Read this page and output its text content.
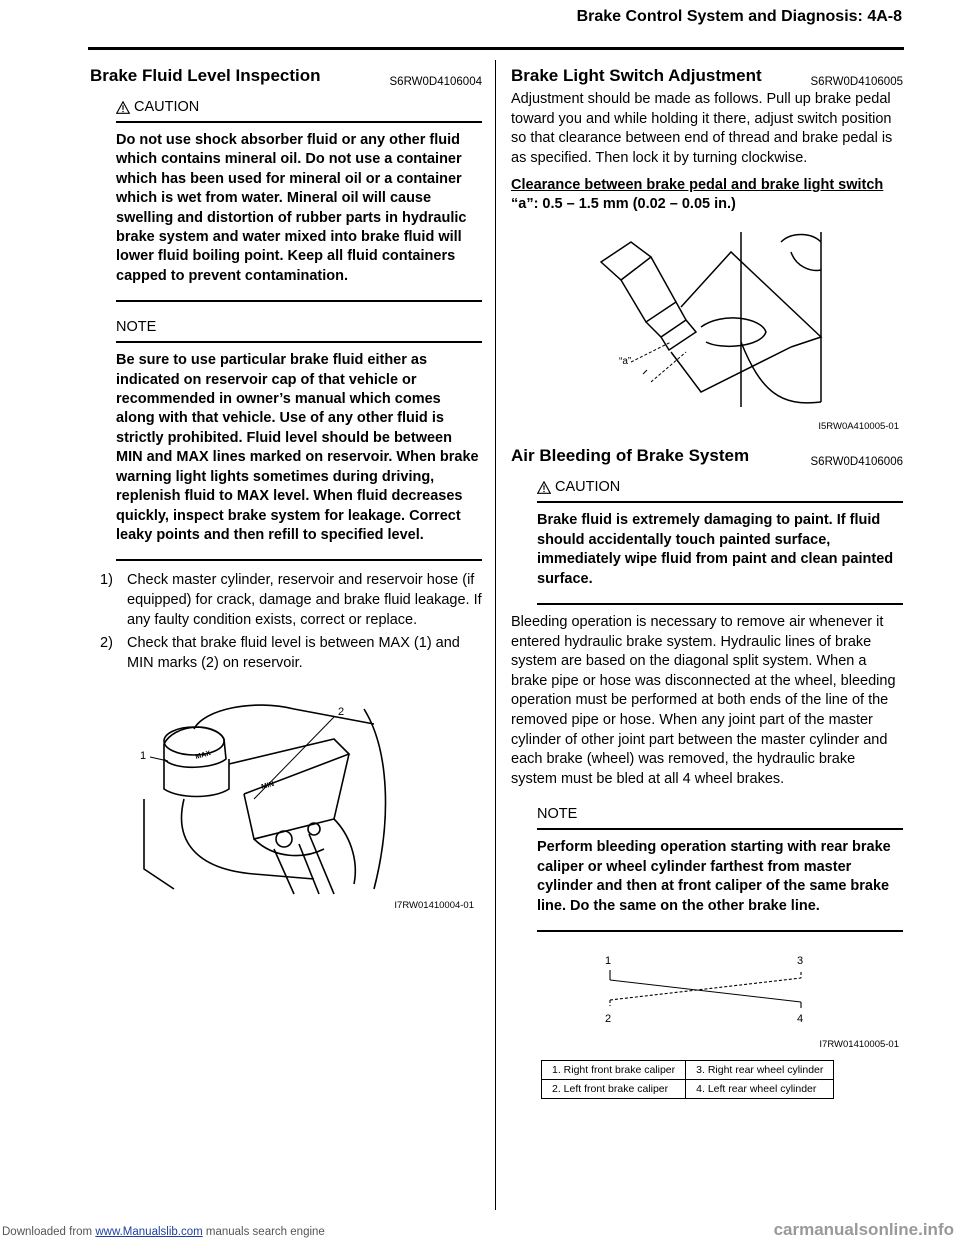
Brake Control System and Diagnosis: 4A-8
Brake Fluid Level Inspection	S6RW0D4106004
CAUTION
Do not use shock absorber fluid or any other fluid which contains mineral oil. Do not use a container which has been used for mineral oil or a container which is wet from water. Mineral oil will cause swelling and distortion of rubber parts in hydraulic brake system and water mixed into brake fluid will lower fluid boiling point. Keep all fluid containers capped to prevent contamination.
NOTE
Be sure to use particular brake fluid either as indicated on reservoir cap of that vehicle or recommended in owner’s manual which comes along with that vehicle. Use of any other fluid is strictly prohibited. Fluid level should be between MIN and MAX lines marked on reservoir. When brake warning light lights sometimes during driving, replenish fluid to MAX level. When fluid decreases quickly, inspect brake system for leakage. Correct leaky points and then refill to specified level.
1) Check master cylinder, reservoir and reservoir hose (if equipped) for crack, damage and brake fluid leakage. If any faulty condition exists, correct or replace.
2) Check that brake fluid level is between MAX (1) and MIN marks (2) on reservoir.
MAX
MIN
1
2
I7RW01410004-01
Brake Light Switch Adjustment	S6RW0D4106005

Adjustment should be made as follows. Pull up brake pedal toward you and while holding it there, adjust switch position so that clearance between end of thread and brake pedal is as specified. Then lock it by turning clockwise.

Clearance between brake pedal and brake light switch
“a”: 0.5 – 1.5 mm (0.02 – 0.05 in.)
“a”
I5RW0A410005-01
Air Bleeding of Brake System	S6RW0D4106006
CAUTION
Brake fluid is extremely damaging to paint. If fluid should accidentally touch painted surface, immediately wipe fluid from paint and clean painted surface.

Bleeding operation is necessary to remove air whenever it entered hydraulic brake system. Hydraulic lines of brake system are based on the diagonal split system. When a brake pipe or hose was disconnected at the wheel, bleeding operation must be performed at both ends of the line of the removed pipe or hose. When any joint part of the master cylinder of other joint part between the master cylinder and each brake (wheel) was removed, the hydraulic brake system must be bled at all 4 wheel brakes.

NOTE
Perform bleeding operation starting with rear brake caliper or wheel cylinder farthest from master cylinder and then at front caliper of the same brake line. Do the same on the other brake line.
1
2
3
4
I7RW01410005-01
1. Right front brake caliper	3. Right rear wheel cylinder
2. Left front brake caliper	4. Left rear wheel cylinder
Downloaded from www.Manualslib.com manuals search engine	carmanualsonline.info
